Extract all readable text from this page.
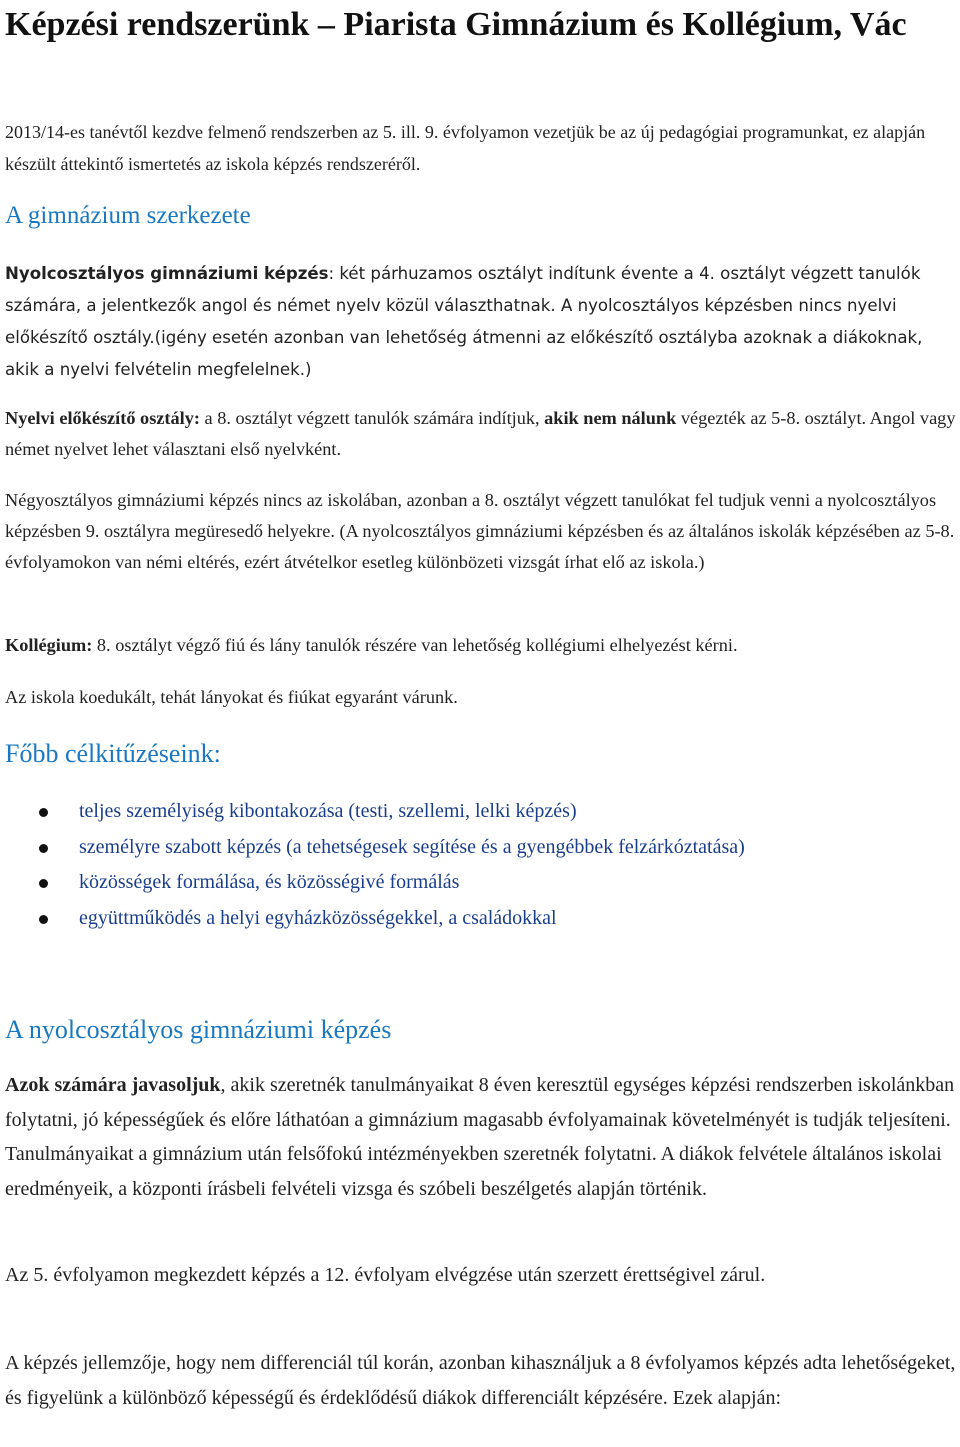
Képzési rendszerünk – Piarista Gimnázium és Kollégium, Vác

2013/14-es tanévtől kezdve felmenő rendszerben az 5. ill. 9. évfolyamon vezetjük be az új pedagógiai programunkat, ez alapján készült áttekintő ismertetés az iskola képzés rendszeréről.

A gimnázium szerkezete

Nyolcosztályos gimnáziumi képzés: két párhuzamos osztályt indítunk évente a 4. osztályt végzett tanulók számára, a jelentkezők angol és német nyelv közül választhatnak. A nyolcosztályos képzésben nincs nyelvi előkészítő osztály.(igény esetén azonban van lehetőség átmenni az előkészítő osztályba azoknak a diákoknak, akik a nyelvi felvételin megfelelnek.)

Nyelvi előkészítő osztály: a 8. osztályt végzett tanulók számára indítjuk, akik nem nálunk végezték az 5-8. osztályt. Angol vagy német nyelvet lehet választani első nyelvként.

Négyosztályos gimnáziumi képzés nincs az iskolában, azonban a 8. osztályt végzett tanulókat fel tudjuk venni a nyolcosztályos képzésben 9. osztályra megüresedő helyekre. (A nyolcosztályos gimnáziumi képzésben és az általános iskolák képzésében az 5-8. évfolyamokon van némi eltérés, ezért átvételkor esetleg különbözeti vizsgát írhat elő az iskola.)

Kollégium: 8. osztályt végző fiú és lány tanulók részére van lehetőség kollégiumi elhelyezést kérni.

Az iskola koedukált, tehát lányokat és fiúkat egyaránt várunk.

Főbb célkitűzéseink:
teljes személyiség kibontakozása (testi, szellemi, lelki képzés)
személyre szabott képzés (a tehetségesek segítése és a gyengébbek felzárkóztatása)
közösségek formálása, és közösségivé formálás
együttműködés a helyi egyházközösségekkel, a családokkal
A nyolcosztályos gimnáziumi képzés

Azok számára javasoljuk, akik szeretnék tanulmányaikat 8 éven keresztül egységes képzési rendszerben iskolánkban folytatni, jó képességűek és előre láthatóan a gimnázium magasabb évfolyamainak követelményét is tudják teljesíteni. Tanulmányaikat a gimnázium után felsőfokú intézményekben szeretnék folytatni. A diákok felvétele általános iskolai eredményeik, a központi írásbeli felvételi vizsga és szóbeli beszélgetés alapján történik.

Az 5. évfolyamon megkezdett képzés a 12. évfolyam elvégzése után szerzett érettségivel zárul.

A képzés jellemzője, hogy nem differenciál túl korán, azonban kihasználjuk a 8 évfolyamos képzés adta lehetőségeket, és figyelünk a különböző képességű és érdeklődésű diákok differenciált képzésére. Ezek alapján:
